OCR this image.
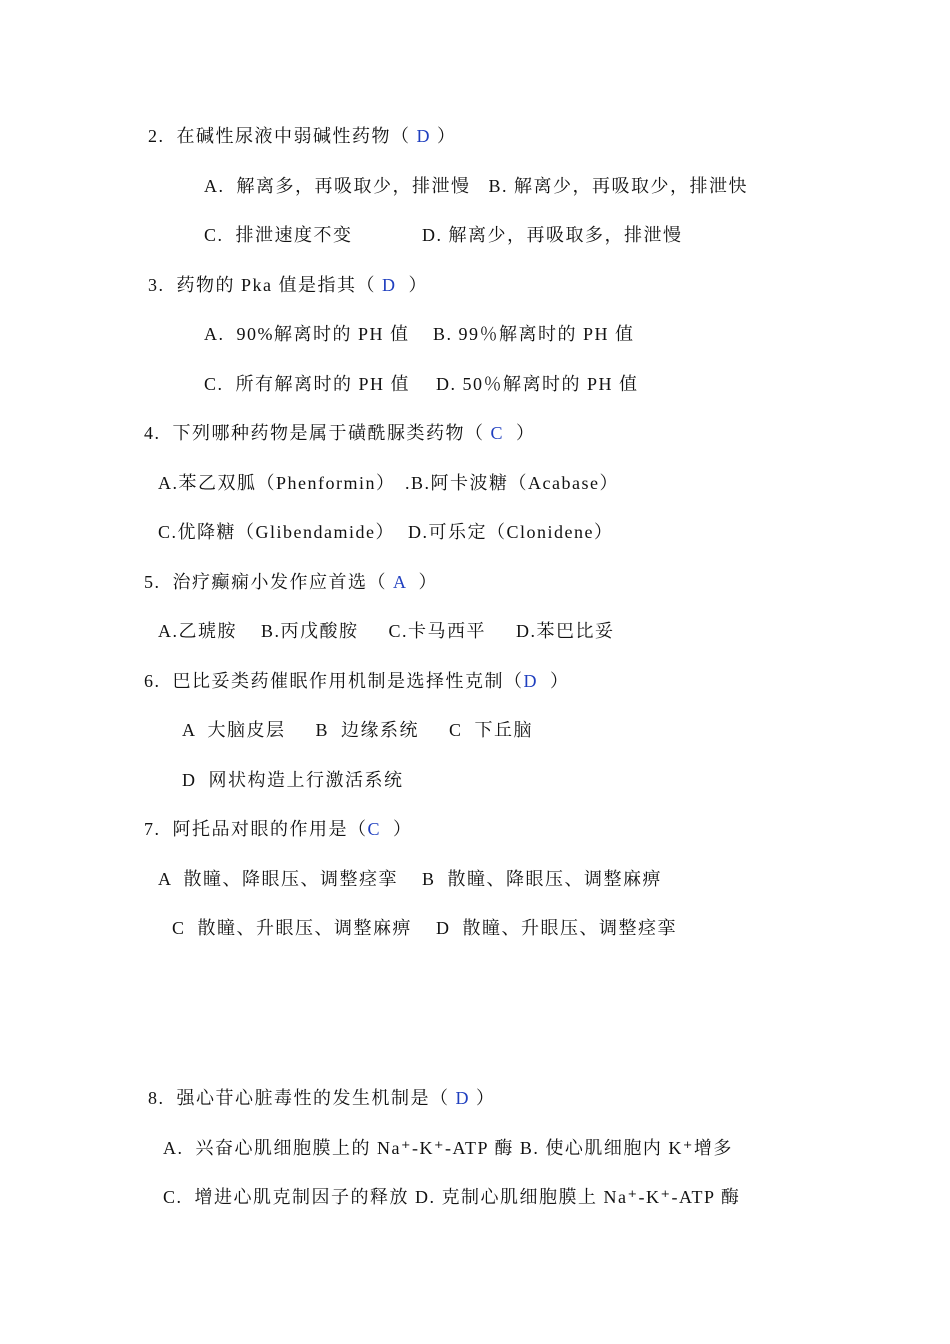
2.  在碱性尿液中弱碱性药物（ D ）
A.  解离多，再吸取少，排泄慢   B. 解离少，再吸取少，排泄快
C.  排泄速度不变	D. 解离少，再吸取多，排泄慢
3.  药物的 Pka 值是指其（ D  ）
A.  90%解离时的 PH 值 B. 99％解离时的 PH 值
C.  所有解离时的 PH 值 D. 50％解离时的 PH 值
4.  下列哪种药物是属于磺酰脲类药物（ C  ）
A.苯乙双胍（Phenformin） .B.阿卡波糖（Acabase）
C.优降糖（Glibendamide） D.可乐定（Clonidene）
5.  治疗癫痫小发作应首选（ A  ）
A.乙琥胺    B.丙戊酸胺     C.卡马西平     D.苯巴比妥
6.  巴比妥类药催眠作用机制是选择性克制（D  ）
A  大脑皮层     B  边缘系统     C  下丘脑
D  网状构造上行激活系统
7.  阿托品对眼的作用是（C  ）
A  散瞳、降眼压、调整痉挛    B  散瞳、降眼压、调整麻痹
C  散瞳、升眼压、调整麻痹    D  散瞳、升眼压、调整痉挛
8.  强心苷心脏毒性的发生机制是（ D ）
A.  兴奋心肌细胞膜上的 Na⁺-K⁺-ATP 酶 B. 使心肌细胞内 K⁺增多
C.  增进心肌克制因子的释放 D. 克制心肌细胞膜上 Na⁺-K⁺-ATP 酶
